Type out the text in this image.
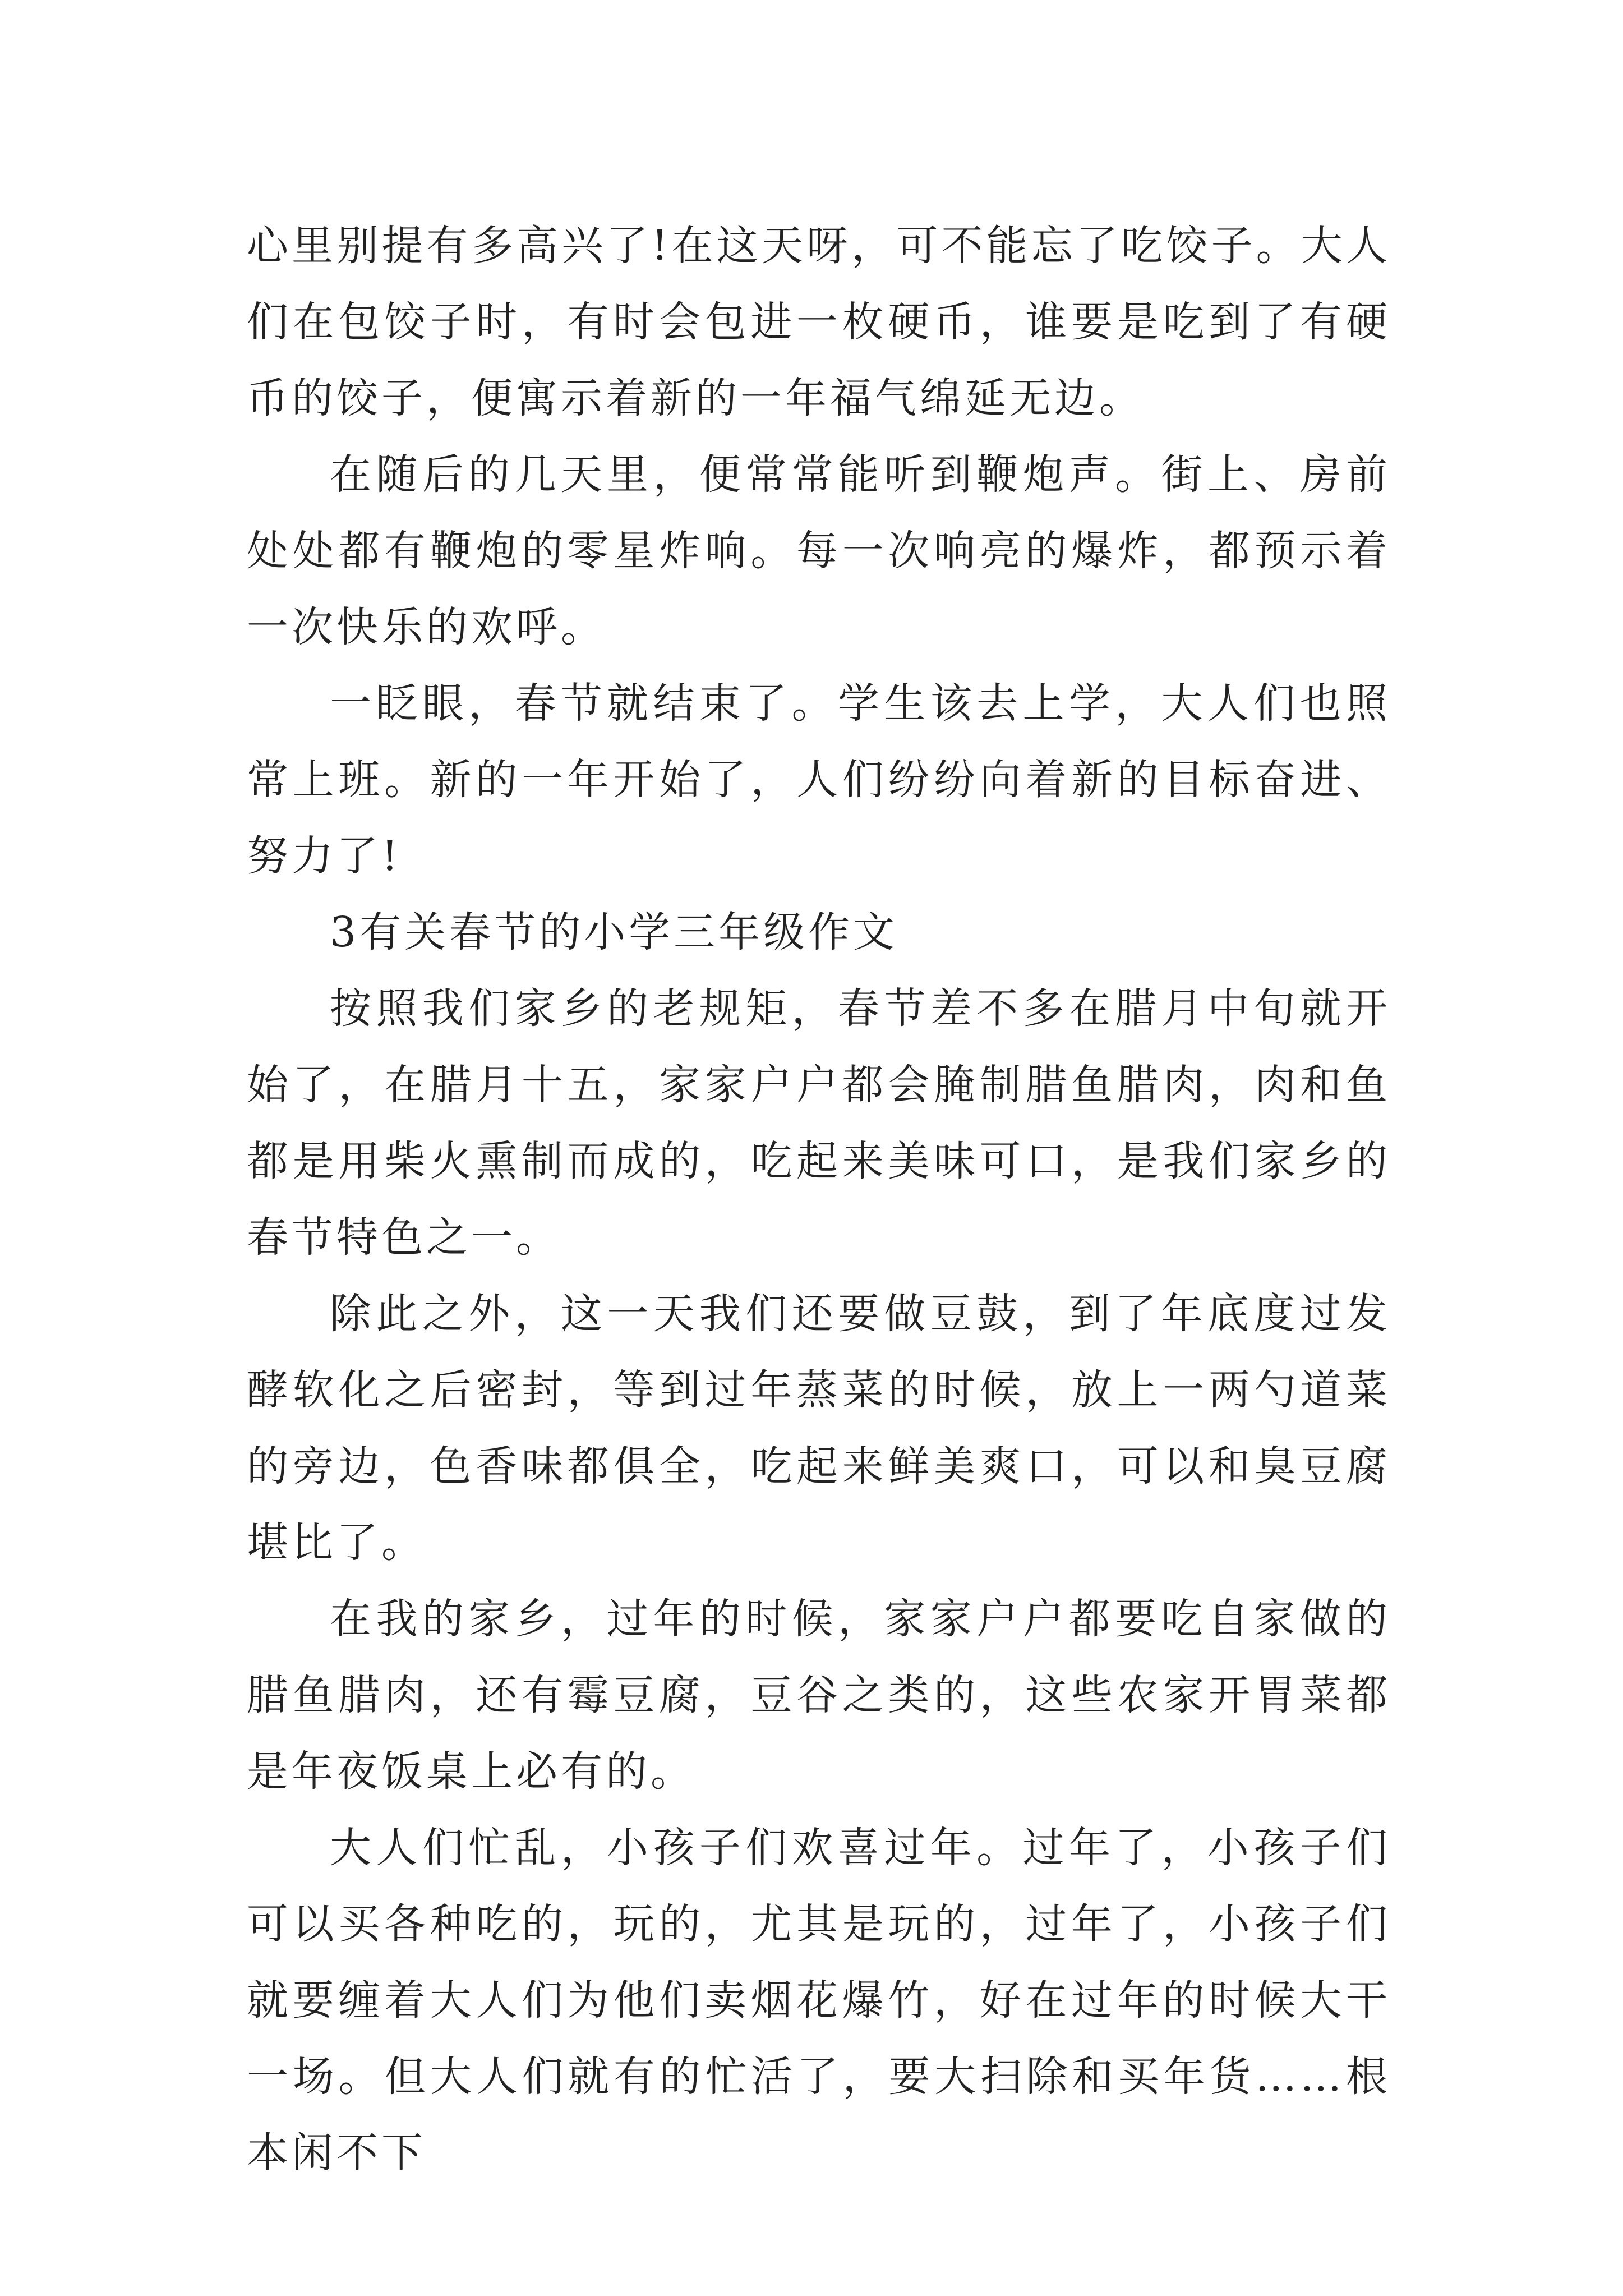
心里别提有多高兴了!在这天呀，可不能忘了吃饺子。大人们在包饺子时，有时会包进一枚硬币，谁要是吃到了有硬币的饺子，便寓示着新的一年福气绵延无边。

在随后的几天里，便常常能听到鞭炮声。街上、房前处处都有鞭炮的零星炸响。每一次响亮的爆炸，都预示着一次快乐的欢呼。

一眨眼，春节就结束了。学生该去上学，大人们也照常上班。新的一年开始了，人们纷纷向着新的目标奋进、努力了!

3有关春节的小学三年级作文

按照我们家乡的老规矩，春节差不多在腊月中旬就开始了，在腊月十五，家家户户都会腌制腊鱼腊肉，肉和鱼都是用柴火熏制而成的，吃起来美味可口，是我们家乡的春节特色之一。

除此之外，这一天我们还要做豆鼓，到了年底度过发酵软化之后密封，等到过年蒸菜的时候，放上一两勺道菜的旁边，色香味都俱全，吃起来鲜美爽口，可以和臭豆腐堪比了。

在我的家乡，过年的时候，家家户户都要吃自家做的腊鱼腊肉，还有霉豆腐，豆谷之类的，这些农家开胃菜都是年夜饭桌上必有的。

大人们忙乱，小孩子们欢喜过年。过年了，小孩子们可以买各种吃的，玩的，尤其是玩的，过年了，小孩子们就要缠着大人们为他们卖烟花爆竹，好在过年的时候大干一场。但大人们就有的忙活了，要大扫除和买年货……根本闲不下
